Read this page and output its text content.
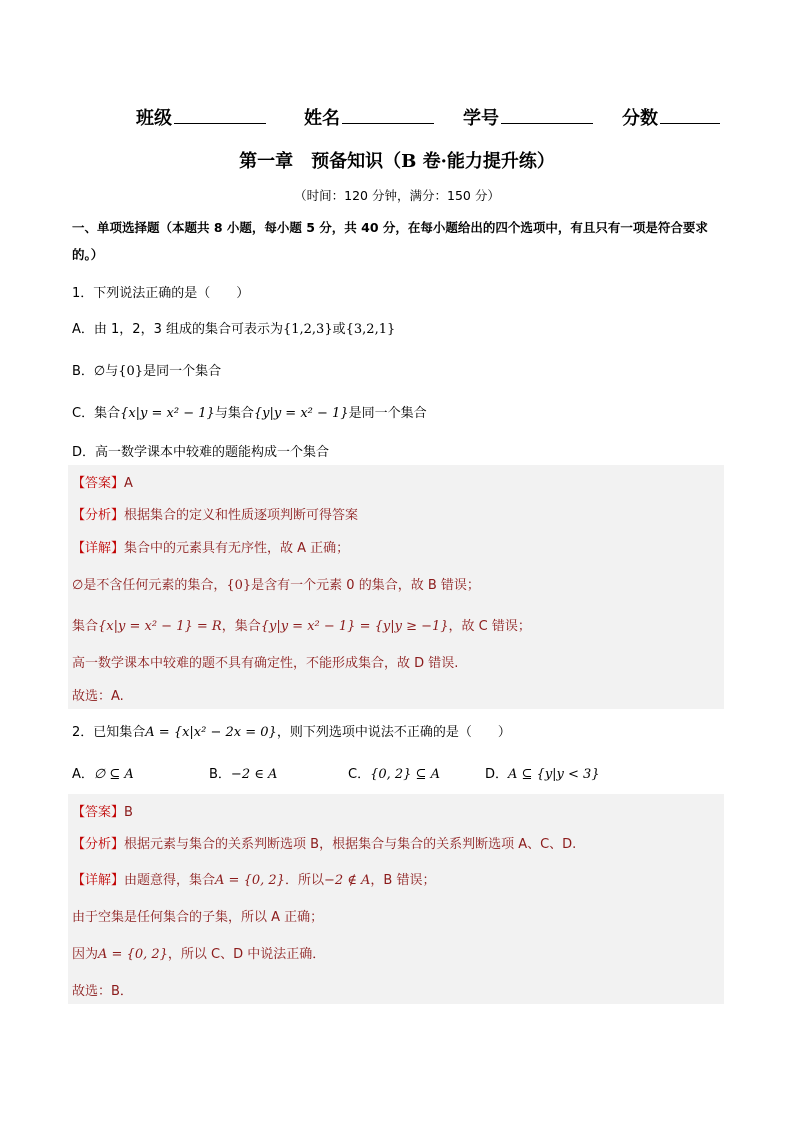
班级	姓名	学号	分数
第一章　预备知识（B 卷·能力提升练）
（时间：120 分钟，满分：150 分）
一、单项选择题（本题共 8 小题，每小题 5 分，共 40 分，在每小题给出的四个选项中，有且只有一项是符合要求的。）
1．下列说法正确的是（　　）
A．由 1，2，3 组成的集合可表示为{1,2,3}或{3,2,1}
B．∅与{0}是同一个集合
C．集合{x|y = x² − 1}与集合{y|y = x² − 1}是同一个集合
D．高一数学课本中较难的题能构成一个集合
【答案】A
【分析】根据集合的定义和性质逐项判断可得答案
【详解】集合中的元素具有无序性，故 A 正确；
∅是不含任何元素的集合，{0}是含有一个元素 0 的集合，故 B 错误；
集合{x|y = x² − 1} = R，集合{y|y = x² − 1} = {y|y ≥ −1}，故 C 错误；
高一数学课本中较难的题不具有确定性，不能形成集合，故 D 错误.
故选：A.
2．已知集合A = {x|x² − 2x = 0}，则下列选项中说法不正确的是（　　）
A．∅ ⊆ A	B．−2 ∈ A	C．{0, 2} ⊆ A	D．A ⊆ {y|y < 3}
【答案】B
【分析】根据元素与集合的关系判断选项 B，根据集合与集合的关系判断选项 A、C、D.
【详解】由题意得，集合A = {0, 2}．所以−2 ∉ A，B 错误；
由于空集是任何集合的子集，所以 A 正确；
因为A = {0, 2}，所以 C、D 中说法正确．
故选：B．
